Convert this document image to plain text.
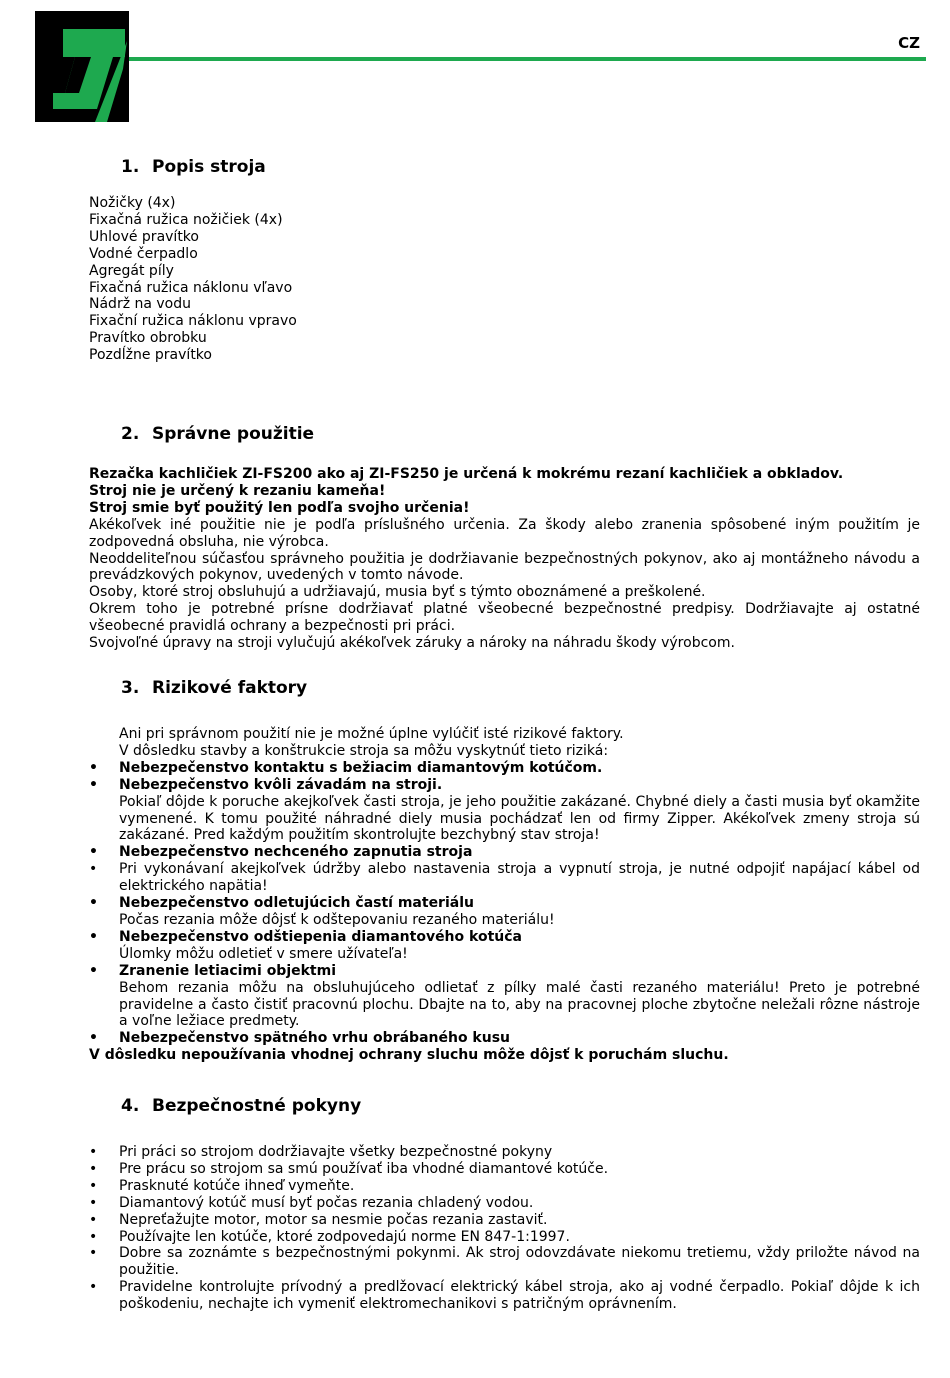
CZ
1. Popis stroja
Nožičky (4x)
Fixačná ružica nožičiek (4x)
Uhlové pravítko
Vodné čerpadlo
Agregát píly
Fixačná ružica náklonu vľavo
Nádrž na vodu
Fixační ružica náklonu vpravo
Pravítko obrobku
Pozdĺžne pravítko
2. Správne použitie

Rezačka kachličiek ZI-FS200 ako aj ZI-FS250 je určená k mokrému rezaní kachličiek a obkladov.

Stroj nie je určený k rezaniu kameňa!

Stroj smie byť použitý len podľa svojho určenia!

Akékoľvek iné použitie nie je podľa príslušného určenia. Za škody alebo zranenia spôsobené iným použitím je zodpovedná obsluha, nie výrobca.

Neoddeliteľnou súčasťou správneho použitia je dodržiavanie bezpečnostných pokynov, ako aj montážneho návodu a prevádzkových pokynov, uvedených v tomto návode.

Osoby, ktoré stroj obsluhujú a udržiavajú, musia byť s týmto oboznámené a preškolené.

Okrem toho je potrebné prísne dodržiavať platné všeobecné bezpečnostné predpisy. Dodržiavajte aj ostatné všeobecné pravidlá ochrany a bezpečnosti pri práci.

Svojvoľné úpravy na stroji vylučujú akékoľvek záruky a nároky na náhradu škody výrobcom.

3. Rizikové faktory

Ani pri správnom použití nie je možné úplne vylúčiť isté rizikové faktory.

V dôsledku stavby a konštrukcie stroja sa môžu vyskytnúť tieto riziká:

• Nebezpečenstvo kontaktu s bežiacim diamantovým kotúčom.

• Nebezpečenstvo kvôli závadám na stroji.

Pokiaľ dôjde k poruche akejkoľvek časti stroja, je jeho použitie zakázané. Chybné diely a časti musia byť okamžite vymenené. K tomu použité náhradné diely musia pochádzať len od firmy Zipper. Akékoľvek zmeny stroja sú zakázané. Pred každým použitím skontrolujte bezchybný stav stroja!

• Nebezpečenstvo nechceného zapnutia stroja

• Pri vykonávaní akejkoľvek údržby alebo nastavenia stroja a vypnutí stroja, je nutné odpojiť napájací kábel od elektrického napätia!

• Nebezpečenstvo odletujúcich častí materiálu

Počas rezania môže dôjsť k odštepovaniu rezaného materiálu!

• Nebezpečenstvo odštiepenia diamantového kotúča

Úlomky môžu odletieť v smere užívateľa!

• Zranenie letiacimi objektmi

Behom rezania môžu na obsluhujúceho odlietať z pílky malé časti rezaného materiálu! Preto je potrebné pravidelne a často čistiť pracovnú plochu. Dbajte na to, aby na pracovnej ploche zbytočne neležali rôzne nástroje a voľne ležiace predmety.

• Nebezpečenstvo spätného vrhu obrábaného kusu

V dôsledku nepoužívania vhodnej ochrany sluchu môže dôjsť k poruchám sluchu.

4. Bezpečnostné pokyny

• Pri práci so strojom dodržiavajte všetky bezpečnostné pokyny

• Pre prácu so strojom sa smú používať iba vhodné diamantové kotúče.

• Prasknuté kotúče ihneď vymeňte.

• Diamantový kotúč musí byť počas rezania chladený vodou.

• Nepreťažujte motor, motor sa nesmie počas rezania zastaviť.

• Používajte len kotúče, ktoré zodpovedajú norme EN 847-1:1997.

• Dobre sa zoznámte s bezpečnostnými pokynmi. Ak stroj odovzdávate niekomu tretiemu, vždy priložte návod na použitie.

• Pravidelne kontrolujte prívodný a predlžovací elektrický kábel stroja, ako aj vodné čerpadlo. Pokiaľ dôjde k ich poškodeniu, nechajte ich vymeniť elektromechanikovi s patričným oprávnením.
